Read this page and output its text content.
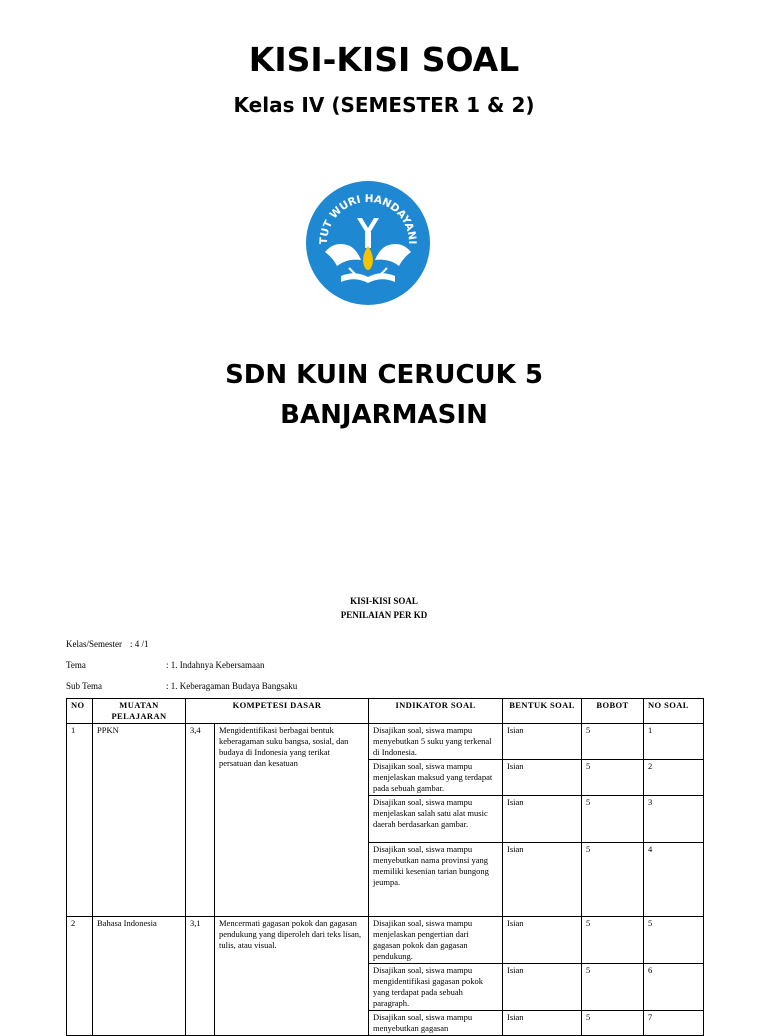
KISI-KISI SOAL
Kelas IV (SEMESTER 1 & 2)
TUT WURI HANDAYANI
SDN KUIN CERUCUK 5
BANJARMASIN
KISI-KISI SOAL
PENILAIAN PER KD
Kelas/Semester : 4 /1
Tema	: 1. Indahnya Kebersamaan
Sub Tema	: 1. Keberagaman Budaya Bangsaku
NO	MUATAN PELAJARAN	KOMPETESI DASAR		INDIKATOR SOAL	BENTUK SOAL	BOBOT	NO SOAL
1	PPKN	3,4	Mengidentifikasi berbagai bentuk keberagaman suku bangsa, sosial, dan budaya di Indonesia yang terikat persatuan dan kesatuan	Disajikan soal, siswa mampu menyebutkan 5 suku yang terkenal di Indonesia.	Isian	5	1
				Disajikan soal, siswa mampu menjelaskan maksud yang terdapat pada sebuah gambar.	Isian	5	2
				Disajikan soal, siswa mampu menjelaskan salah satu alat music daerah berdasarkan gambar.	Isian	5	3
				Disajikan soal, siswa mampu menyebutkan nama provinsi yang memiliki kesenian tarian bungong jeumpa.	Isian	5	4
2	Bahasa Indonesia	3,1	Mencermati gagasan pokok dan gagasan pendukung yang diperoleh dari teks lisan, tulis, atau visual.	Disajikan soal, siswa mampu menjelaskan pengertian dari gagasan pokok dan gagasan pendukung.	Isian	5	5
				Disajikan soal, siswa mampu mengidentifikasi gagasan pokok yang terdapat pada sebuah paragraph.	Isian	5	6
				Disajikan soal, siswa mampu menyebutkan gagasan	Isian	5	7
